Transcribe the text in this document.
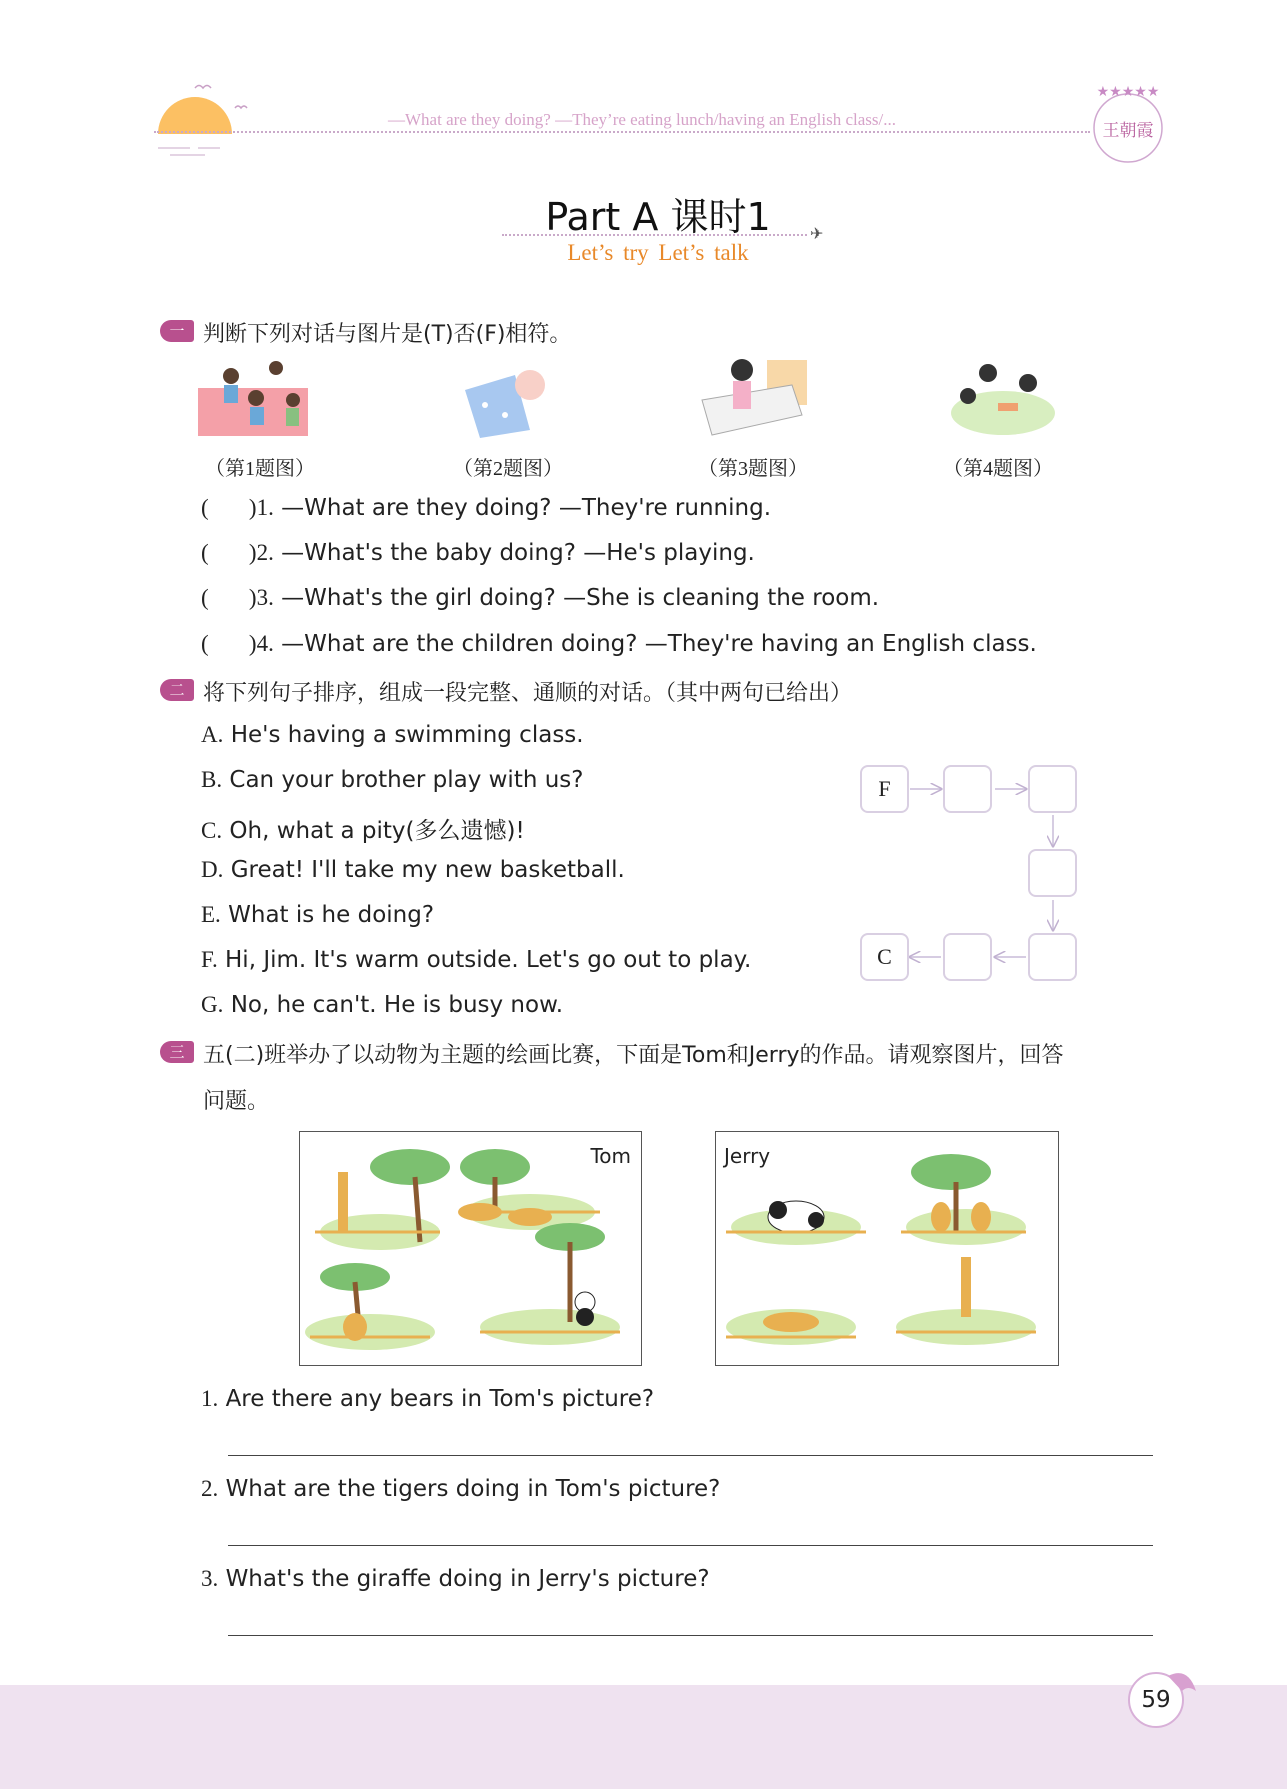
—What are they doing? —They’re eating lunch/having an English class/...
★★★★★
王朝霞
Part A 课时1	✈
Let’s try Let’s talk
一 判断下列对话与图片是(T)否(F)相符。
（第1题图）	（第2题图）	（第3题图）	（第4题图）
(       )1. —What are they doing? —They're running.
(       )2. —What's the baby doing? —He's playing.
(       )3. —What's the girl doing? —She is cleaning the room.
(       )4. —What are the children doing? —They're having an English class.
二 将下列句子排序，组成一段完整、通顺的对话。（其中两句已给出）
A. He's having a swimming class.
B. Can your brother play with us?
C. Oh, what a pity(多么遗憾)!
D. Great! I'll take my new basketball.
E. What is he doing?
F. Hi, Jim. It's warm outside. Let's go out to play.
G. No, he can't. He is busy now.
F
C
三 五(二)班举办了以动物为主题的绘画比赛，下面是Tom和Jerry的作品。请观察图片，回答
问题。
Tom	Jerry
1. Are there any bears in Tom's picture?
2. What are the tigers doing in Tom's picture?
3. What's the giraffe doing in Jerry's picture?
59
